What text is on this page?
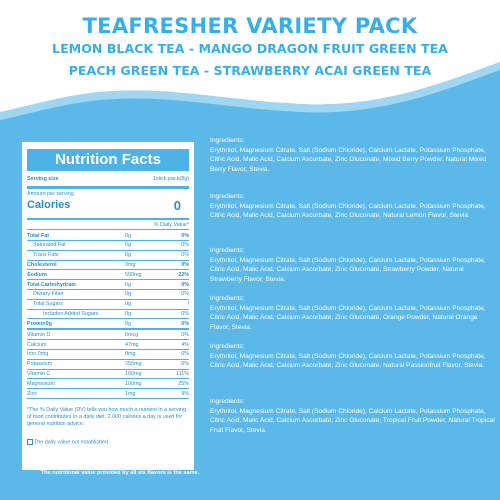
TEAFRESHER VARIETY PACK
LEMON BLACK TEA - MANGO DRAGON FRUIT GREEN TEA
PEACH GREEN TEA - STRAWBERRY ACAI GREEN TEA
Nutrition Facts
Serving size	1stick pack(8g)
Amount per serving
Calories	0
% Daily Value*
Total Fat	0g	0%
Saturated Fat	0g	0%
Trans Fats	0g	0%
Cholesterol	0mg	0%
Sodium	500mg	22%
Total Carbohydrate	0g	0%
Dietary Fiber	0g	0%
Total Sugars	0g	!
Includes Added Sugars	0g	0%
Protein0g	0g	0%
Vitamin D	0mcg	0%
Calcium	47mg	4%
Iron 0mg	0mg	0%
Potassium	250mg	6%
Vitamin C	100mg	111%
Magnesium	100mg	25%
Zinc	1mg	9%
*The % Daily Value (DV) tells you how much a nutrient in a serving of food contributes to a daily diet. 2,000 calories a day is used for general nutrition advice.
The daily value not established.
The nutritional value provided by all six flavors is the same.
Ingredients:
Erythritol, Magnesium Citrate, Salt (Sodium Chloride), Calcium Lactate, Potassium Phosphate, Citric Acid, Malic Acid, Calcium Ascorbate, Zinc Gluconate, Mixed Berry Powder, Natural Mixed Berry Flavor, Stevia.
Ingredients:
Erythritol, Magnesium Citrate, Salt (Sodium Chloride), Calcium Lactate, Potassium Phosphate, Citric Acid, Malic Acid, Calcium Ascorbate, Zinc Gluconate, Natural Lemon Flavor, Stevia.
Ingredients:
Erythritol, Magnesium Citrate, Salt (Sodium Chloride), Calcium Lactate, Potassium Phosphate, Citric Acid, Malic Acid, Calcium Ascorbate, Zinc Gluconate, Strawberry Powder, Natural Strawberry Flavor, Stevia.
Ingredients:
Erythritol, Magnesium Citrate, Salt (Sodium Chloride), Calcium Lactate, Potassium Phosphate, Citric Acid, Malic Acid, Calcium Ascorbate, Zinc Gluconate, Orange Powder, Natural Orange Flavor, Stevia.
Ingredients:
Erythritol, Magnesium Citrate, Salt (Sodium Chloride), Calcium Lactate, Potassium Phosphate, Citric Acid, Malic Acid, Calcium Ascorbate, Zinc Gluconate, Natural Passionfruit Flavor, Stevia.
Ingredients:
Erythritol, Magnesium Citrate, Salt (Sodium Chloride), Calcium Lactate, Potassium Phosphate, Citric Acid, Malic Acid, Calcium Ascorbate, Zinc Gluconate, Tropical Fruit Powder, Natural Tropical Fruit Flavor, Stevia.
